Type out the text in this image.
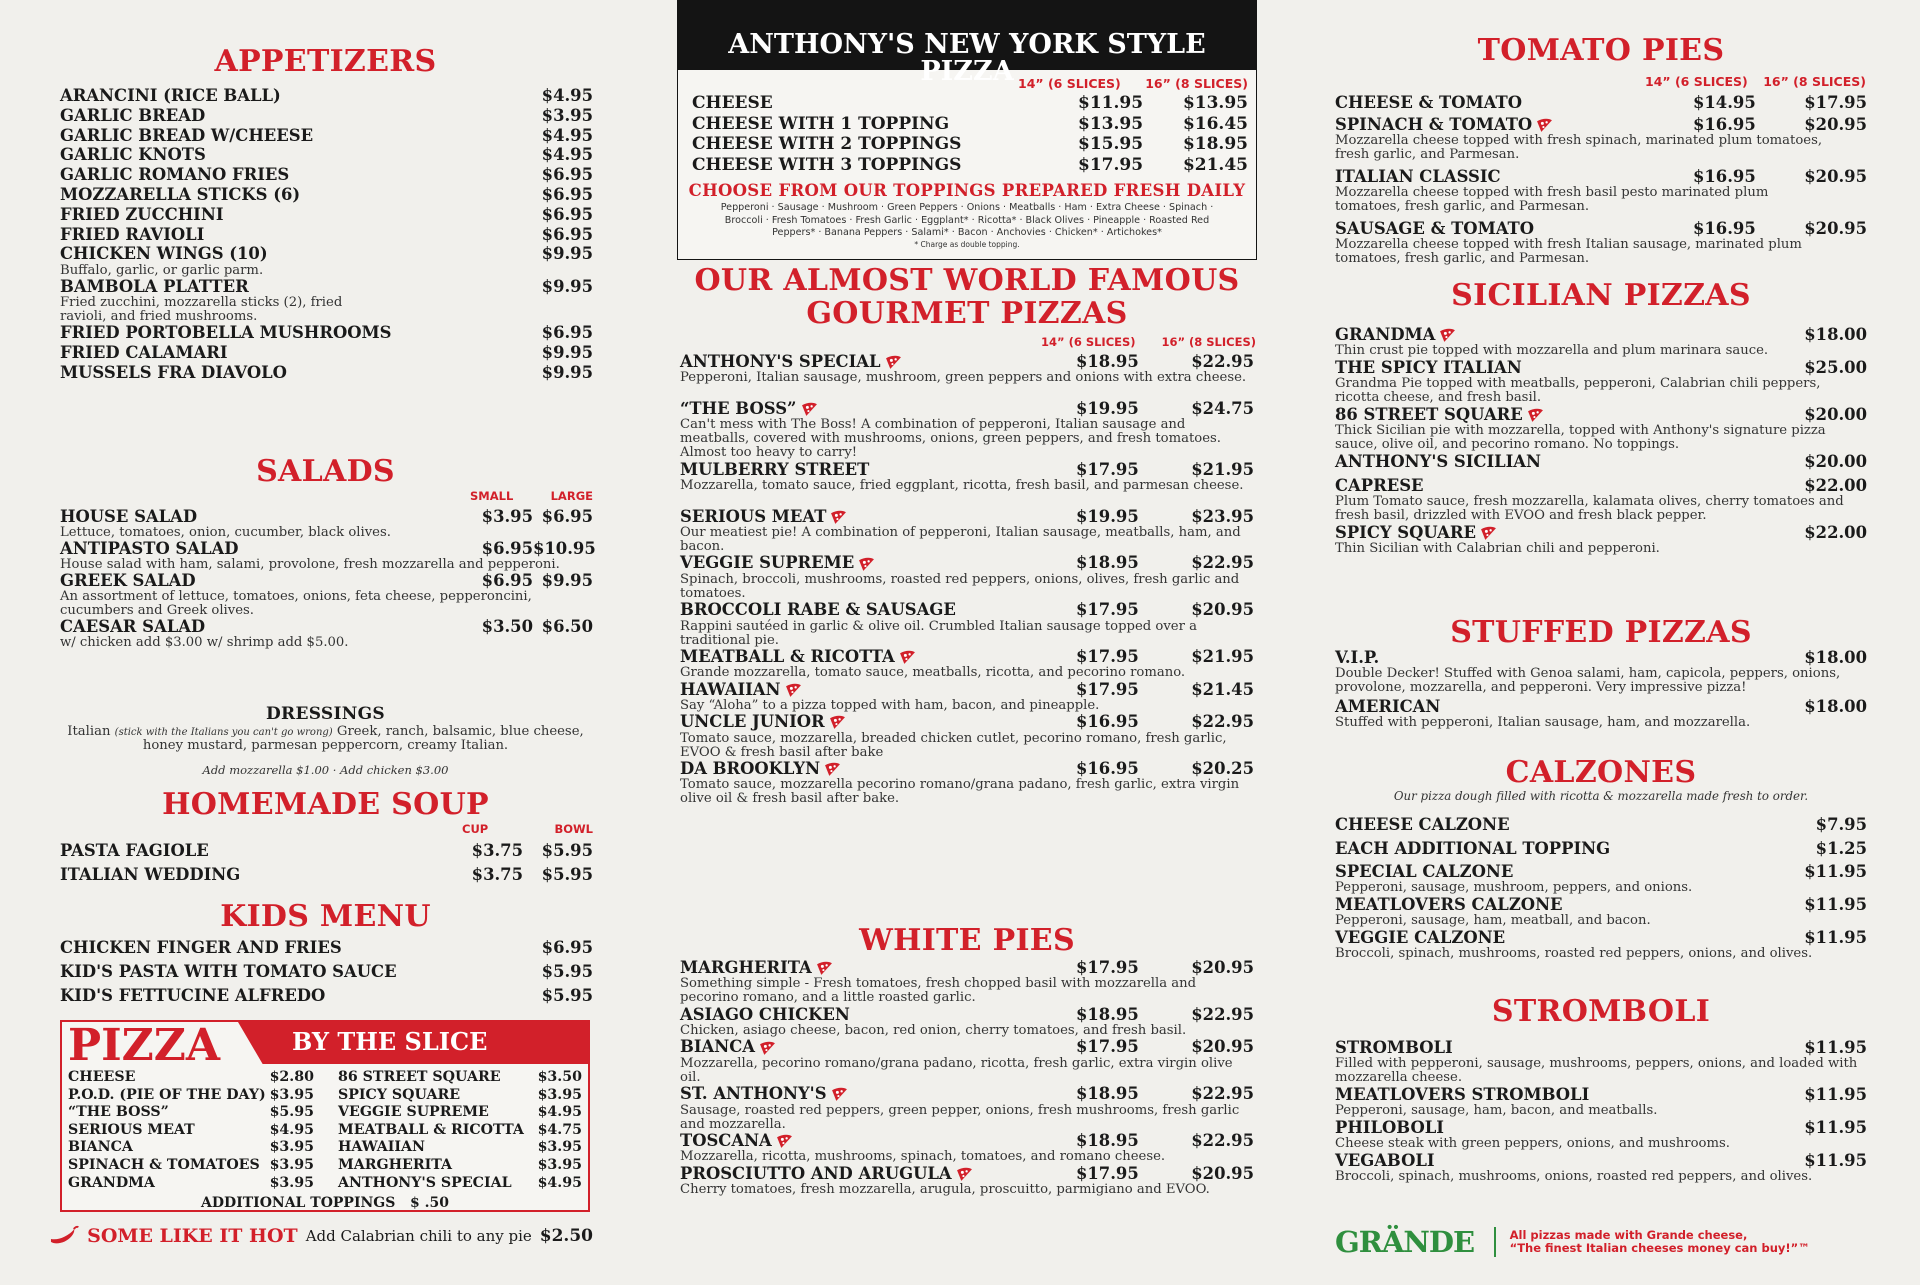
APPETIZERS
ARANCINI (RICE BALL)	$4.95
GARLIC BREAD	$3.95
GARLIC BREAD W/CHEESE	$4.95
GARLIC KNOTS	$4.95
GARLIC ROMANO FRIES	$6.95
MOZZARELLA STICKS (6)	$6.95
FRIED ZUCCHINI	$6.95
FRIED RAVIOLI	$6.95
CHICKEN WINGS (10)	$9.95
Buffalo, garlic, or garlic parm.
BAMBOLA PLATTER	$9.95
Fried zucchini, mozzarella sticks (2), fried ravioli, and fried mushrooms.
FRIED PORTOBELLA MUSHROOMS	$6.95
FRIED CALAMARI	$9.95
MUSSELS FRA DIAVOLO	$9.95
SALADS
SMALL	LARGE
HOUSE SALAD	$3.95 $6.95
Lettuce, tomatoes, onion, cucumber, black olives.
ANTIPASTO SALAD	$6.95 $10.95
House salad with ham, salami, provolone, fresh mozzarella and pepperoni.
GREEK SALAD	$6.95 $9.95
An assortment of lettuce, tomatoes, onions, feta cheese, pepperoncini, cucumbers and Greek olives.
CAESAR SALAD	$3.50 $6.50
w/ chicken add $3.00 w/ shrimp add $5.00.
DRESSINGS
Italian (stick with the Italians you can't go wrong) Greek, ranch, balsamic, blue cheese, honey mustard, parmesan peppercorn, creamy Italian.
Add mozzarella $1.00 · Add chicken $3.00
HOMEMADE SOUP
CUP	BOWL
PASTA FAGIOLE	$3.75	$5.95
ITALIAN WEDDING	$3.75	$5.95
KIDS MENU
CHICKEN FINGER AND FRIES	$6.95
KID'S PASTA WITH TOMATO SAUCE	$5.95
KID'S FETTUCINE ALFREDO	$5.95
PIZZA	BY THE SLICE
CHEESE	$2.80
P.O.D. (PIE OF THE DAY) $3.95
“THE BOSS”	$5.95
SERIOUS MEAT	$4.95
BIANCA	$3.95
SPINACH & TOMATOES $3.95
GRANDMA	$3.95
86 STREET SQUARE	$3.50
SPICY SQUARE	$3.95
VEGGIE SUPREME	$4.95
MEATBALL & RICOTTA $4.75
HAWAIIAN	$3.95
MARGHERITA	$3.95
ANTHONY'S SPECIAL	$4.95
ADDITIONAL TOPPINGS   $ .50
SOME LIKE IT HOT Add Calabrian chili to any pie $2.50
ANTHONY'S NEW YORK STYLE PIZZA 14” (6 SLICES) 16” (8 SLICES)
CHEESE	$11.95	$13.95
CHEESE WITH 1 TOPPING	$13.95	$16.45
CHEESE WITH 2 TOPPINGS	$15.95	$18.95
CHEESE WITH 3 TOPPINGS	$17.95	$21.45
CHOOSE FROM OUR TOPPINGS PREPARED FRESH DAILY
Pepperoni · Sausage · Mushroom · Green Peppers · Onions · Meatballs · Ham · Extra Cheese · Spinach ·
Broccoli · Fresh Tomatoes · Fresh Garlic · Eggplant* · Ricotta* · Black Olives · Pineapple · Roasted Red
Peppers* · Banana Peppers · Salami* · Bacon · Anchovies · Chicken* · Artichokes*
* Charge as double topping.
OUR ALMOST WORLD FAMOUS
GOURMET PIZZAS
14” (6 SLICES) 16” (8 SLICES)
ANTHONY'S SPECIAL	$18.95	$22.95
Pepperoni, Italian sausage, mushroom, green peppers and onions with extra cheese.
“THE BOSS”	$19.95	$24.75
Can't mess with The Boss! A combination of pepperoni, Italian sausage and meatballs, covered with mushrooms, onions, green peppers, and fresh tomatoes. Almost too heavy to carry!
MULBERRY STREET	$17.95	$21.95
Mozzarella, tomato sauce, fried eggplant, ricotta, fresh basil, and parmesan cheese.
SERIOUS MEAT	$19.95	$23.95
Our meatiest pie! A combination of pepperoni, Italian sausage, meatballs, ham, and bacon.
VEGGIE SUPREME	$18.95	$22.95
Spinach, broccoli, mushrooms, roasted red peppers, onions, olives, fresh garlic and tomatoes.
BROCCOLI RABE & SAUSAGE	$17.95	$20.95
Rappini sautéed in garlic & olive oil. Crumbled Italian sausage topped over a traditional pie.
MEATBALL & RICOTTA	$17.95	$21.95
Grande mozzarella, tomato sauce, meatballs, ricotta, and pecorino romano.
HAWAIIAN	$17.95	$21.45
Say “Aloha” to a pizza topped with ham, bacon, and pineapple.
UNCLE JUNIOR	$16.95	$22.95
Tomato sauce, mozzarella, breaded chicken cutlet, pecorino romano, fresh garlic, EVOO & fresh basil after bake
DA BROOKLYN	$16.95	$20.25
Tomato sauce, mozzarella pecorino romano/grana padano, fresh garlic, extra virgin olive oil & fresh basil after bake.
WHITE PIES
MARGHERITA	$17.95	$20.95
Something simple - Fresh tomatoes, fresh chopped basil with mozzarella and pecorino romano, and a little roasted garlic.
ASIAGO CHICKEN	$18.95	$22.95
Chicken, asiago cheese, bacon, red onion, cherry tomatoes, and fresh basil.
BIANCA	$17.95	$20.95
Mozzarella, pecorino romano/grana padano, ricotta, fresh garlic, extra virgin olive oil.
ST. ANTHONY'S	$18.95	$22.95
Sausage, roasted red peppers, green pepper, onions, fresh mushrooms, fresh garlic and mozzarella.
TOSCANA	$18.95	$22.95
Mozzarella, ricotta, mushrooms, spinach, tomatoes, and romano cheese.
PROSCIUTTO AND ARUGULA	$17.95	$20.95
Cherry tomatoes, fresh mozzarella, arugula, proscuitto, parmigiano and EVOO.
TOMATO PIES
14” (6 SLICES) 16” (8 SLICES)
CHEESE & TOMATO	$14.95	$17.95
SPINACH & TOMATO	$16.95	$20.95
Mozzarella cheese topped with fresh spinach, marinated plum tomatoes, fresh garlic, and Parmesan.
ITALIAN CLASSIC	$16.95	$20.95
Mozzarella cheese topped with fresh basil pesto marinated plum tomatoes, fresh garlic, and Parmesan.
SAUSAGE & TOMATO	$16.95	$20.95
Mozzarella cheese topped with fresh Italian sausage, marinated plum tomatoes, fresh garlic, and Parmesan.
SICILIAN PIZZAS
GRANDMA	$18.00
Thin crust pie topped with mozzarella and plum marinara sauce.
THE SPICY ITALIAN	$25.00
Grandma Pie topped with meatballs, pepperoni, Calabrian chili peppers, ricotta cheese, and fresh basil.
86 STREET SQUARE	$20.00
Thick Sicilian pie with mozzarella, topped with Anthony's signature pizza sauce, olive oil, and pecorino romano. No toppings.
ANTHONY'S SICILIAN	$20.00
CAPRESE	$22.00
Plum Tomato sauce, fresh mozzarella, kalamata olives, cherry tomatoes and fresh basil, drizzled with EVOO and fresh black pepper.
SPICY SQUARE	$22.00
Thin Sicilian with Calabrian chili and pepperoni.
STUFFED PIZZAS
V.I.P.	$18.00
Double Decker! Stuffed with Genoa salami, ham, capicola, peppers, onions, provolone, mozzarella, and pepperoni. Very impressive pizza!
AMERICAN	$18.00
Stuffed with pepperoni, Italian sausage, ham, and mozzarella.
CALZONES
Our pizza dough filled with ricotta & mozzarella made fresh to order.
CHEESE CALZONE	$7.95
EACH ADDITIONAL TOPPING	$1.25
SPECIAL CALZONE	$11.95
Pepperoni, sausage, mushroom, peppers, and onions.
MEATLOVERS CALZONE	$11.95
Pepperoni, sausage, ham, meatball, and bacon.
VEGGIE CALZONE	$11.95
Broccoli, spinach, mushrooms, roasted red peppers, onions, and olives.
STROMBOLI
STROMBOLI	$11.95
Filled with pepperoni, sausage, mushrooms, peppers, onions, and loaded with mozzarella cheese.
MEATLOVERS STROMBOLI	$11.95
Pepperoni, sausage, ham, bacon, and meatballs.
PHILOBOLI	$11.95
Cheese steak with green peppers, onions, and mushrooms.
VEGABOLI	$11.95
Broccoli, spinach, mushrooms, onions, roasted red peppers, and olives.
GRÄNDE	All pizzas made with Grande cheese,
“The finest Italian cheeses money can buy!”™
